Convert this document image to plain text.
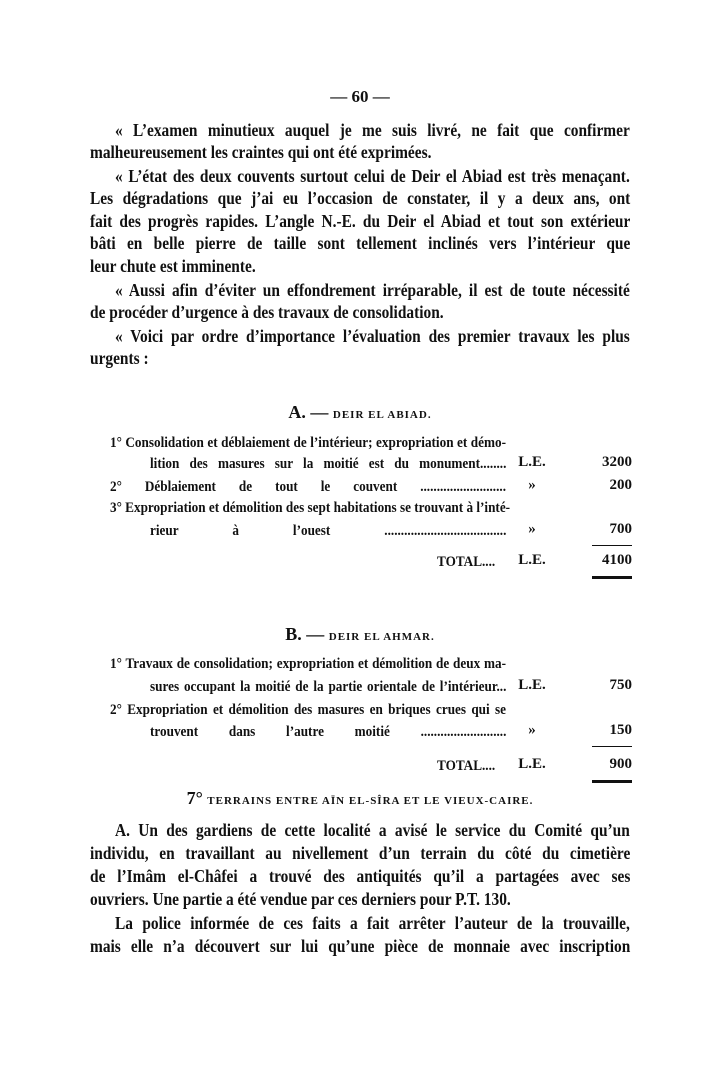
— 60 —
« L’examen minutieux auquel je me suis livré, ne fait que confirmer
malheureusement les craintes qui ont été exprimées.
« L’état des deux couvents surtout celui de Deir el Abiad est très menaçant.
Les dégradations que j’ai eu l’occasion de constater, il y a deux ans, ont
fait des progrès rapides. L’angle N.-E. du Deir el Abiad et tout son extérieur
bâti en belle pierre de taille sont tellement inclinés vers l’intérieur que
leur chute est imminente.
« Aussi afin d’éviter un effondrement irréparable, il est de toute nécessité
de procéder d’urgence à des travaux de consolidation.
« Voici par ordre d’importance l’évaluation des premier travaux les plus
urgents :
A. — DEIR EL ABIAD.
1° Consolidation et déblaiement de l’intérieur; expropriation et démo-
lition des masures sur la moitié est du monument........ L.E.	3200
2° Déblaiement de tout le couvent ..........................	»	200
3° Expropriation et démolition des sept habitations se trouvant à l’inté-
rieur à l’ouest .....................................	»	700
TOTAL....	L.E.	4100
B. — DEIR EL AHMAR.
1° Travaux de consolidation; expropriation et démolition de deux ma-
sures occupant la moitié de la partie orientale de l’intérieur... L.E.	750
2° Expropriation et démolition des masures en briques crues qui se
trouvent dans l’autre moitié ..........................	»	150
TOTAL....	L.E.	900
7° TERRAINS ENTRE AÏN EL-SÎRA ET LE VIEUX-CAIRE.
A. Un des gardiens de cette localité a avisé le service du Comité qu’un
individu, en travaillant au nivellement d’un terrain du côté du cimetière
de l’Imâm el-Châfei a trouvé des antiquités qu’il a partagées avec ses
ouvriers. Une partie a été vendue par ces derniers pour P.T. 130.
La police informée de ces faits a fait arrêter l’auteur de la trouvaille,
mais elle n’a découvert sur lui qu’une pièce de monnaie avec inscription
